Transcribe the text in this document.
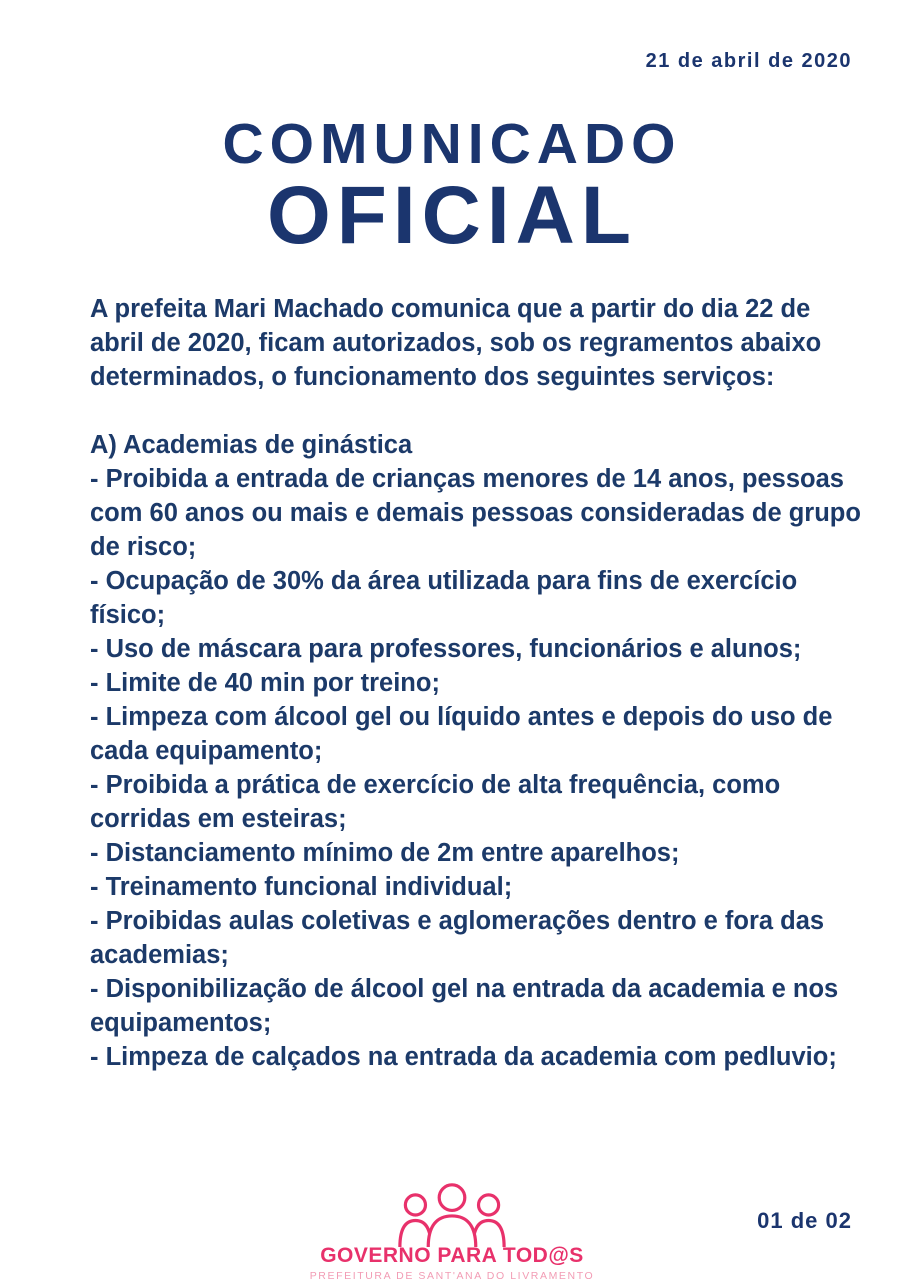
21 de abril de 2020
COMUNICADO
OFICIAL

A prefeita Mari Machado comunica que a partir do dia 22 de abril de 2020, ficam autorizados, sob os regramentos abaixo determinados, o funcionamento dos seguintes serviços:

A) Academias de ginástica
- Proibida a entrada de crianças menores de 14 anos, pessoas com 60 anos ou mais e demais pessoas consideradas de grupo de risco;
- Ocupação de 30% da área utilizada para fins de exercício físico;
- Uso de máscara para professores, funcionários e alunos;
- Limite de 40 min por treino;
- Limpeza com álcool gel ou líquido antes e depois do uso de cada equipamento;
- Proibida a prática de exercício de alta frequência, como corridas em esteiras;
- Distanciamento mínimo de 2m entre aparelhos;
- Treinamento funcional individual;
- Proibidas aulas coletivas e aglomerações dentro e fora das academias;
- Disponibilização de álcool gel na entrada da academia e nos equipamentos;
- Limpeza de calçados na entrada da academia com pedluvio;
GOVERNO PARA TOD@S
PREFEITURA DE SANT'ANA DO LIVRAMENTO
01 de 02
